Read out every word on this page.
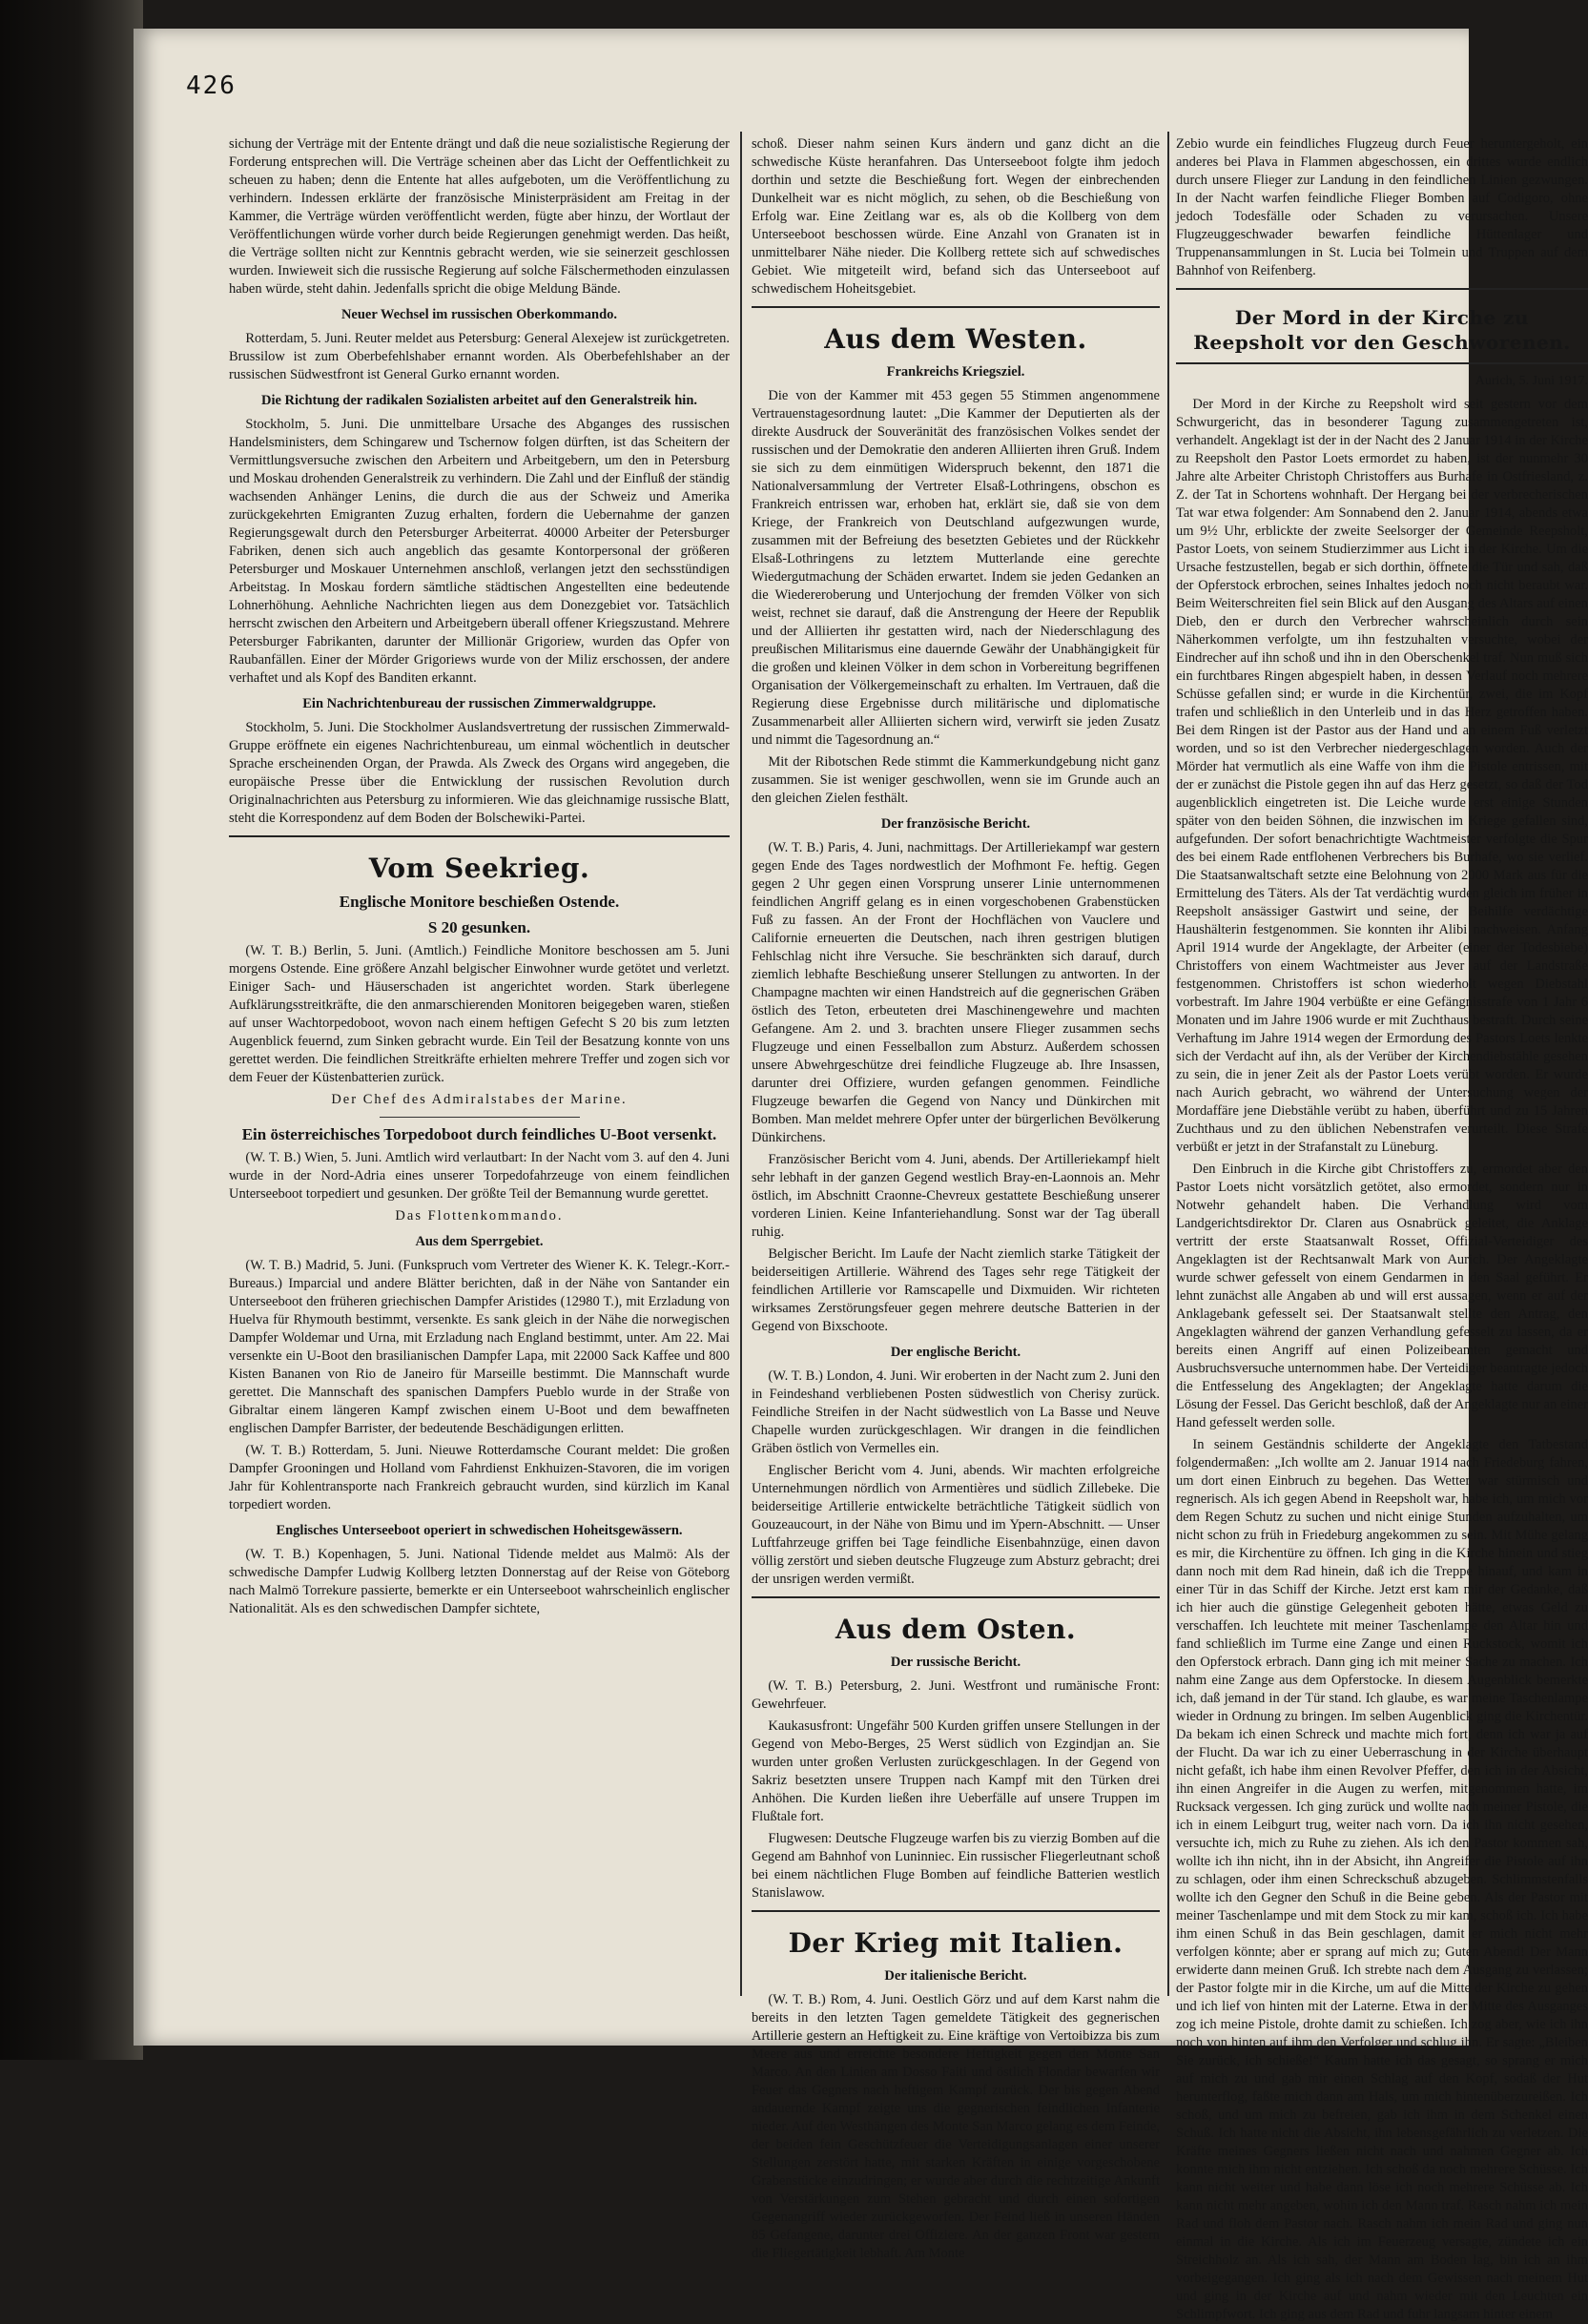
426

sichung der Verträge mit der Entente drängt und daß die neue sozialistische Regierung der Forderung entsprechen will. Die Verträge scheinen aber das Licht der Oeffentlichkeit zu scheuen zu haben; denn die Entente hat alles aufgeboten, um die Veröffentlichung zu verhindern. Indessen erklärte der französische Ministerpräsident am Freitag in der Kammer, die Verträge würden veröffentlicht werden, fügte aber hinzu, der Wortlaut der Veröffentlichungen würde vorher durch beide Regierungen genehmigt werden. Das heißt, die Verträge sollten nicht zur Kenntnis gebracht werden, wie sie seinerzeit geschlossen wurden. Inwieweit sich die russische Regierung auf solche Fälschermethoden einzulassen haben würde, steht dahin. Jedenfalls spricht die obige Meldung Bände.

Neuer Wechsel im russischen Oberkommando.

Rotterdam, 5. Juni. Reuter meldet aus Petersburg: General Alexejew ist zurückgetreten. Brussilow ist zum Oberbefehlshaber ernannt worden. Als Oberbefehlshaber an der russischen Südwestfront ist General Gurko ernannt worden.

Die Richtung der radikalen Sozialisten arbeitet auf den Generalstreik hin.

Stockholm, 5. Juni. Die unmittelbare Ursache des Abganges des russischen Handelsministers, dem Schingarew und Tschernow folgen dürften, ist das Scheitern der Vermittlungsversuche zwischen den Arbeitern und Arbeitgebern, um den in Petersburg und Moskau drohenden Generalstreik zu verhindern. Die Zahl und der Einfluß der ständig wachsenden Anhänger Lenins, die durch die aus der Schweiz und Amerika zurückgekehrten Emigranten Zuzug erhalten, fordern die Uebernahme der ganzen Regierungsgewalt durch den Petersburger Arbeiterrat. 40000 Arbeiter der Petersburger Fabriken, denen sich auch angeblich das gesamte Kontorpersonal der größeren Petersburger und Moskauer Unternehmen anschloß, verlangen jetzt den sechsstündigen Arbeitstag. In Moskau fordern sämtliche städtischen Angestellten eine bedeutende Lohnerhöhung. Aehnliche Nachrichten liegen aus dem Donezgebiet vor. Tatsächlich herrscht zwischen den Arbeitern und Arbeitgebern überall offener Kriegszustand. Mehrere Petersburger Fabrikanten, darunter der Millionär Grigoriew, wurden das Opfer von Raubanfällen. Einer der Mörder Grigoriews wurde von der Miliz erschossen, der andere verhaftet und als Kopf des Banditen erkannt.

Ein Nachrichtenbureau der russischen Zimmerwaldgruppe.

Stockholm, 5. Juni. Die Stockholmer Auslandsvertretung der russischen Zimmerwald-Gruppe eröffnete ein eigenes Nachrichtenbureau, um einmal wöchentlich in deutscher Sprache erscheinenden Organ, der Prawda. Als Zweck des Organs wird angegeben, die europäische Presse über die Entwicklung der russischen Revolution durch Originalnachrichten aus Petersburg zu informieren. Wie das gleichnamige russische Blatt, steht die Korrespondenz auf dem Boden der Bolschewiki-Partei.

Vom Seekrieg.
Englische Monitore beschießen Ostende.
S 20 gesunken.

(W. T. B.) Berlin, 5. Juni. (Amtlich.) Feindliche Monitore beschossen am 5. Juni morgens Ostende. Eine größere Anzahl belgischer Einwohner wurde getötet und verletzt. Einiger Sach- und Häuserschaden ist angerichtet worden. Stark überlegene Aufklärungsstreitkräfte, die den anmarschierenden Monitoren beigegeben waren, stießen auf unser Wachtorpedoboot, wovon nach einem heftigen Gefecht S 20 bis zum letzten Augenblick feuernd, zum Sinken gebracht wurde. Ein Teil der Besatzung konnte von uns gerettet werden. Die feindlichen Streitkräfte erhielten mehrere Treffer und zogen sich vor dem Feuer der Küstenbatterien zurück.

Der Chef des Admiralstabes der Marine.
Ein österreichisches Torpedoboot durch feindliches U-Boot versenkt.

(W. T. B.) Wien, 5. Juni. Amtlich wird verlautbart: In der Nacht vom 3. auf den 4. Juni wurde in der Nord-Adria eines unserer Torpedofahrzeuge von einem feindlichen Unterseeboot torpediert und gesunken. Der größte Teil der Bemannung wurde gerettet.

Das Flottenkommando.
Aus dem Sperrgebiet.

(W. T. B.) Madrid, 5. Juni. (Funkspruch vom Vertreter des Wiener K. K. Telegr.-Korr.-Bureaus.) Imparcial und andere Blätter berichten, daß in der Nähe von Santander ein Unterseeboot den früheren griechischen Dampfer Aristides (12980 T.), mit Erzladung von Huelva für Rhymouth bestimmt, versenkte. Es sank gleich in der Nähe die norwegischen Dampfer Woldemar und Urna, mit Erzladung nach England bestimmt, unter. Am 22. Mai versenkte ein U-Boot den brasilianischen Dampfer Lapa, mit 22000 Sack Kaffee und 800 Kisten Bananen von Rio de Janeiro für Marseille bestimmt. Die Mannschaft wurde gerettet. Die Mannschaft des spanischen Dampfers Pueblo wurde in der Straße von Gibraltar einem längeren Kampf zwischen einem U-Boot und dem bewaffneten englischen Dampfer Barrister, der bedeutende Beschädigungen erlitten.

(W. T. B.) Rotterdam, 5. Juni. Nieuwe Rotterdamsche Courant meldet: Die großen Dampfer Grooningen und Holland vom Fahrdienst Enkhuizen-Stavoren, die im vorigen Jahr für Kohlentransporte nach Frankreich gebraucht wurden, sind kürzlich im Kanal torpediert worden.

Englisches Unterseeboot operiert in schwedischen Hoheitsgewässern.

(W. T. B.) Kopenhagen, 5. Juni. National Tidende meldet aus Malmö: Als der schwedische Dampfer Ludwig Kollberg letzten Donnerstag auf der Reise von Göteborg nach Malmö Torrekure passierte, bemerkte er ein Unterseeboot wahrscheinlich englischer Nationalität. Als es den schwedischen Dampfer sichtete,

schoß. Dieser nahm seinen Kurs ändern und ganz dicht an die schwedische Küste heranfahren. Das Unterseeboot folgte ihm jedoch dorthin und setzte die Beschießung fort. Wegen der einbrechenden Dunkelheit war es nicht möglich, zu sehen, ob die Beschießung von Erfolg war. Eine Zeitlang war es, als ob die Kollberg von dem Unterseeboot beschossen würde. Eine Anzahl von Granaten ist in unmittelbarer Nähe nieder. Die Kollberg rettete sich auf schwedisches Gebiet. Wie mitgeteilt wird, befand sich das Unterseeboot auf schwedischem Hoheitsgebiet.

Aus dem Westen.
Frankreichs Kriegsziel.

Die von der Kammer mit 453 gegen 55 Stimmen angenommene Vertrauenstagesordnung lautet: „Die Kammer der Deputierten als der direkte Ausdruck der Souveränität des französischen Volkes sendet der russischen und der Demokratie den anderen Alliierten ihren Gruß. Indem sie sich zu dem einmütigen Widerspruch bekennt, den 1871 die Nationalversammlung der Vertreter Elsaß-Lothringens, obschon es Frankreich entrissen war, erhoben hat, erklärt sie, daß sie von dem Kriege, der Frankreich von Deutschland aufgezwungen wurde, zusammen mit der Befreiung des besetzten Gebietes und der Rückkehr Elsaß-Lothringens zu letztem Mutterlande eine gerechte Wiedergutmachung der Schäden erwartet. Indem sie jeden Gedanken an die Wiedereroberung und Unterjochung der fremden Völker von sich weist, rechnet sie darauf, daß die Anstrengung der Heere der Republik und der Alliierten ihr gestatten wird, nach der Niederschlagung des preußischen Militarismus eine dauernde Gewähr der Unabhängigkeit für die großen und kleinen Völker in dem schon in Vorbereitung begriffenen Organisation der Völkergemeinschaft zu erhalten. Im Vertrauen, daß die Regierung diese Ergebnisse durch militärische und diplomatische Zusammenarbeit aller Alliierten sichern wird, verwirft sie jeden Zusatz und nimmt die Tagesordnung an.“

Mit der Ribotschen Rede stimmt die Kammerkundgebung nicht ganz zusammen. Sie ist weniger geschwollen, wenn sie im Grunde auch an den gleichen Zielen festhält.

Der französische Bericht.

(W. T. B.) Paris, 4. Juni, nachmittags. Der Artilleriekampf war gestern gegen Ende des Tages nordwestlich der Mofhmont Fe. heftig. Gegen gegen 2 Uhr gegen einen Vorsprung unserer Linie unternommenen feindlichen Angriff gelang es in einen vorgeschobenen Grabenstücken Fuß zu fassen. An der Front der Hochflächen von Vauclere und Californie erneuerten die Deutschen, nach ihren gestrigen blutigen Fehlschlag nicht ihre Versuche. Sie beschränkten sich darauf, durch ziemlich lebhafte Beschießung unserer Stellungen zu antworten. In der Champagne machten wir einen Handstreich auf die gegnerischen Gräben östlich des Teton, erbeuteten drei Maschinengewehre und machten Gefangene. Am 2. und 3. brachten unsere Flieger zusammen sechs Flugzeuge und einen Fesselballon zum Absturz. Außerdem schossen unsere Abwehrgeschütze drei feindliche Flugzeuge ab. Ihre Insassen, darunter drei Offiziere, wurden gefangen genommen. Feindliche Flugzeuge bewarfen die Gegend von Nancy und Dünkirchen mit Bomben. Man meldet mehrere Opfer unter der bürgerlichen Bevölkerung Dünkirchens.

Französischer Bericht vom 4. Juni, abends. Der Artilleriekampf hielt sehr lebhaft in der ganzen Gegend westlich Bray-en-Laonnois an. Mehr östlich, im Abschnitt Craonne-Chevreux gestattete Beschießung unserer vorderen Linien. Keine Infanteriehandlung. Sonst war der Tag überall ruhig.

Belgischer Bericht. Im Laufe der Nacht ziemlich starke Tätigkeit der beiderseitigen Artillerie. Während des Tages sehr rege Tätigkeit der feindlichen Artillerie vor Ramscapelle und Dixmuiden. Wir richteten wirksames Zerstörungsfeuer gegen mehrere deutsche Batterien in der Gegend von Bixschoote.

Der englische Bericht.

(W. T. B.) London, 4. Juni. Wir eroberten in der Nacht zum 2. Juni den in Feindeshand verbliebenen Posten südwestlich von Cherisy zurück. Feindliche Streifen in der Nacht südwestlich von La Basse und Neuve Chapelle wurden zurückgeschlagen. Wir drangen in die feindlichen Gräben östlich von Vermelles ein.

Englischer Bericht vom 4. Juni, abends. Wir machten erfolgreiche Unternehmungen nördlich von Armentières und südlich Zillebeke. Die beiderseitige Artillerie entwickelte beträchtliche Tätigkeit südlich von Gouzeaucourt, in der Nähe von Bimu und im Ypern-Abschnitt. — Unser Luftfahrzeuge griffen bei Tage feindliche Eisenbahnzüge, einen davon völlig zerstört und sieben deutsche Flugzeuge zum Absturz gebracht; drei der unsrigen werden vermißt.

Aus dem Osten.
Der russische Bericht.

(W. T. B.) Petersburg, 2. Juni. Westfront und rumänische Front: Gewehrfeuer.

Kaukasusfront: Ungefähr 500 Kurden griffen unsere Stellungen in der Gegend von Mebo-Berges, 25 Werst südlich von Ezgindjan an. Sie wurden unter großen Verlusten zurückgeschlagen. In der Gegend von Sakriz besetzten unsere Truppen nach Kampf mit den Türken drei Anhöhen. Die Kurden ließen ihre Ueberfälle auf unsere Truppen im Flußtale fort.

Flugwesen: Deutsche Flugzeuge warfen bis zu vierzig Bomben auf die Gegend am Bahnhof von Luninniec. Ein russischer Fliegerleutnant schoß bei einem nächtlichen Fluge Bomben auf feindliche Batterien westlich Stanislawow.

Der Krieg mit Italien.
Der italienische Bericht.

(W. T. B.) Rom, 4. Juni. Oestlich Görz und auf dem Karst nahm die bereits in den letzten Tagen gemeldete Tätigkeit des gegnerischen Artillerie gestern an Heftigkeit zu. Eine kräftige von Vertoibizza bis zum Meere aus und erreichte besondere Heftigkeit gegen den Monte San Marco. An den Linien am Dosso Faiti und östlich Flondar bewarfen wir Feuer das Gegners nach heftigem Kampf zurück. Der bis gegen Abend andauernde Kampf zeigte uns die gegnerischen feindlichen Infanterie nieder. Auf den Westhängen des Monte San Marco gelang es dem Feinde, der beiden fein Geschützfeuer die Verteidigungsanlagen einer unserer Stellungen zerstört hatte, mit starken Kräften in einige vorgeschobene Grabenstücke einzudringen; er wurde aber durch die rechtzeitige Ankunft von Verstärkungen zum Stehen gebracht und durch einen sofortigen Gegenangriff wieder zurückgeworfen. Der Feind ließ in unseren Händen 85 Gefangene, darunter drei Offiziere. An der ganzen Front war gestern die Fliegertätigkeit lebhaft. Am Monte

Zebio wurde ein feindliches Flugzeug durch Feuer heruntergeholt, ein anderes bei Plava in Flammen abgeschossen, ein drittes wurde endlich durch unsere Flieger zur Landung in den feindlichen Linien gezwungen. In der Nacht warfen feindliche Flieger Bomben auf Codigoro, ohne jedoch Todesfälle oder Schaden zu verursachen. Unsere Flugzeuggeschwader bewarfen feindliche Hüttenlager und Truppenansammlungen in St. Lucia bei Tolmein und Truppen auf dem Bahnhof von Reifenberg.

Der Mord in der Kirche zu Reepsholt vor den Geschworenen.
Aurich, 5. Juni 1917.

Der Mord in der Kirche zu Reepsholt wird seit gestern vor dem Schwurgericht, das in besonderer Tagung zusammengetreten ist, verhandelt. Angeklagt ist der in der Nacht des 2 Januar 1914 in der Kirche zu Reepsholt den Pastor Loets ermordet zu haben, ist der nunmehr 30 Jahre alte Arbeiter Christoph Christoffers aus Burhafe in Ostfriesland, z. Z. der Tat in Schortens wohnhaft. Der Hergang bei der verbrecherischen Tat war etwa folgender: Am Sonnabend den 2. Januar 1914, abends etwa um 9½ Uhr, erblickte der zweite Seelsorger der Gemeinde Reepsholt, Pastor Loets, von seinem Studierzimmer aus Licht in der Kirche. Um die Ursache festzustellen, begab er sich dorthin, öffnete die Tür und sah, daß der Opferstock erbrochen, seines Inhaltes jedoch noch nicht beraubt war. Beim Weiterschreiten fiel sein Blick auf den Ausgang des Altars auf einen Dieb, den er durch den Verbrecher wahrscheinlich durch sein Näherkommen verfolgte, um ihn festzuhalten versuchte, wobei der Eindrecher auf ihn schoß und ihn in den Oberschenkel traf. Nun muß sich ein furchtbares Ringen abgespielt haben, in dessen Verlauf noch mehrere Schüsse gefallen sind; er wurde in die Kirchentür, zwei, die im Kopf trafen und schließlich in den Unterleib und in das Herz getroffen haben. Bei dem Ringen ist der Pastor aus der Hand und an einem Fuß verletzt worden, und so ist den Verbrecher niedergeschlagen worden. Auch der Mörder hat vermutlich als eine Waffe von ihm die Pistole entrissen, mit der er zunächst die Pistole gegen ihn auf das Herz gesetzt, so daß der Tod augenblicklich eingetreten ist. Die Leiche wurde erst einige Stunden später von den beiden Söhnen, die inzwischen im Kriege gefallen sind, aufgefunden. Der sofort benachrichtigte Wachtmeister verfolgte die Spur des bei einem Rade entflohenen Verbrechers bis Burhafe, wo sie verlief. Die Staatsanwaltschaft setzte eine Belohnung von 2000 Mark aus für die Ermittelung des Täters. Als der Tat verdächtig wurden gleich im früher in Reepsholt ansässiger Gastwirt und seine, der Beihilfe verdächtige Haushälterin festgenommen. Sie konnten ihr Alibi nachweisen. Anfang April 1914 wurde der Angeklagte, der Arbeiter (einer der Todesbiebe) Christoffers von einem Wachtmeister aus Jever auf der Landstraße festgenommen. Christoffers ist schon wiederholt wegen Diebstahl vorbestraft. Im Jahre 1904 verbüßte er eine Gefängnisstrafe von 1 Jahr 6 Monaten und im Jahre 1906 wurde er mit Zuchthaus bestraft. Durch seine Verhaftung im Jahre 1914 wegen der Ermordung des Pastors Loets lenkte sich der Verdacht auf ihn, als der Verüber der Kirchendiebstähle gesehen zu sein, die in jener Zeit als der Pastor Loets verübt worden. Er wurde nach Aurich gebracht, wo während der Untersuchung wegen der Mordaffäre jene Diebstähle verübt zu haben, überführt und zu 15 Jahren Zuchthaus und zu den üblichen Nebenstrafen verurteilt. Diese Strafe verbüßt er jetzt in der Strafanstalt zu Lüneburg.

Den Einbruch in die Kirche gibt Christoffers zu, ermordet aber den Pastor Loets nicht vorsätzlich getötet, also ermordet, sondern nur in Notwehr gehandelt haben. Die Verhandlung wird vom Landgerichtsdirektor Dr. Claren aus Osnabrück geleitet, die Anklage vertritt der erste Staatsanwalt Rosset, Offizial-Verteidiger des Angeklagten ist der Rechtsanwalt Mark von Aurich. Der Angeklagte wurde schwer gefesselt von einem Gendarmen in den Saal geführt. Er lehnt zunächst alle Angaben ab und will erst aussagen, wenn er auf der Anklagebank gefesselt sei. Der Staatsanwalt stellte den Antrag, den Angeklagten während der ganzen Verhandlung gefesselt zu lassen, da er bereits einen Angriff auf einen Polizeibeamten gemacht und Ausbruchsversuche unternommen habe. Der Verteidiger beantragte jedoch die Entfesselung des Angeklagten; der Angeklagte hatte darum die Lösung der Fessel. Das Gericht beschloß, daß der Angeklagte nur an einer Hand gefesselt werden solle.

In seinem Geständnis schilderte der Angeklagte den Tatbestand folgendermaßen: „Ich wollte am 2. Januar 1914 nach Friedeburg fahren, um dort einen Einbruch zu begehen. Das Wetter war stürmisch und regnerisch. Als ich gegen Abend in Reepsholt war, habe ich, um mich vor dem Regen Schutz zu suchen und nicht einige Stunden aufzuhalten, um nicht schon zu früh in Friedeburg angekommen zu sein. Mit Mühe gelang es mir, die Kirchentüre zu öffnen. Ich ging in die Kirche hinein und stieg dann noch mit dem Rad hinein, daß ich die Treppe hinauf, und kam in einer Tür in das Schiff der Kirche. Jetzt erst kam mir der Gedanke, daß ich hier auch die günstige Gelegenheit geboten hätte, etwas Geld zu verschaffen. Ich leuchtete mit meiner Taschenlampe den Altar hin und fand schließlich im Turme eine Zange und einen Ruckstock, womit ich den Opferstock erbrach. Dann ging ich mit meiner Sache zu machen. Ich nahm eine Zange aus dem Opferstocke. In diesem Augenblick bemerkte ich, daß jemand in der Tür stand. Ich glaube, es war meine Taschenlampe wieder in Ordnung zu bringen. Im selben Augenblick ging die Kirchentür. Da bekam ich einen Schreck und machte mich fort, denn ich war ja auf der Flucht. Da war ich zu einer Ueberraschung in der Kirche überhaupt nicht gefaßt, ich habe ihm einen Revolver Pfeffer, den ich in der Absicht, ihn einen Angreifer in die Augen zu werfen, mitgenommen hatte, im Rucksack vergessen. Ich ging zurück und wollte nach meiner Pistole, die ich in einem Leibgurt trug, weiter nach vorn. Da ich ihn nicht gesehen, versuchte ich, mich zu Ruhe zu ziehen. Als ich den Pastor kommen sah, wollte ich ihn nicht, ihn in der Absicht, ihn Angreifer die Pistole auf ihn zu schlagen, oder ihm einen Schreckschuß abzugeben. Schlimmstenfalls wollte ich den Gegner den Schuß in die Beine geben. Als der Pastor mit meiner Taschenlampe und mit dem Stock zu mir kam, schoß ich. Ich habe ihm einen Schuß in das Bein geschlagen, damit er mich nicht mehr verfolgen könnte; aber er sprang auf mich zu; Guten Abend! Der Mann erwiderte dann meinen Gruß. Ich strebte nach dem Ausgang zu verlassen; der Pastor folgte mir in die Kirche, um auf die Mitte der Kirche zu gehen und ich lief von hinten mit der Laterne. Etwa in der Mitte des Ausganges zog ich meine Pistole, drohte damit zu schießen. Ich zog aber, wie ich ihn noch von hinten auf ihm den Verfolger und schlug ihn. Er sagte: „Bleiben Sie zurück, ich schieße!“ Kaum hatte ich das gesagt, so sprang er mich auf mich zu und gab mir einen Schlag auf den Kopf, sodaß der Hut herunterflog, faßte mich dann am Hals, um mich hintenüberzureißen. Ich schoß, und um mich zu befreien, gab ich ihm in dem Schenkel einen Schuß. Ich hatte nicht die Absicht, ihn lebensgefährlich zu verletzen. Die Kräfte meines Gegners ließen nicht nach und nahmen Gegner ab. Ich konnte mich ihm nicht entziehen. Ich schoß da noch mehrere Schüsse. Ich kann nicht weiter und habe dann löse ich noch mehrere Schüsse ab. Ich kann nicht mehr angeben, wohin ich den Mann traf. Rasch nahm ich mein Rad und floh dem Pastor nach. Rasch nahm ich mein Rad und ging nun einmal in die Kirche. Als ich im Feuerzeug versagte, zündete ich ein Streichholz an. Als ich sah, der Mann am Boden lag, bin ich an ihm vorbeigegangen. Ich ging als ich nach dem Gewissen nach meinem Hut und ging in der Kirche auf und nahm wieder mit den Leuchten ein Schlimpfwort. Ich ging aus dem Rad und fuhr langsam hinter einem
